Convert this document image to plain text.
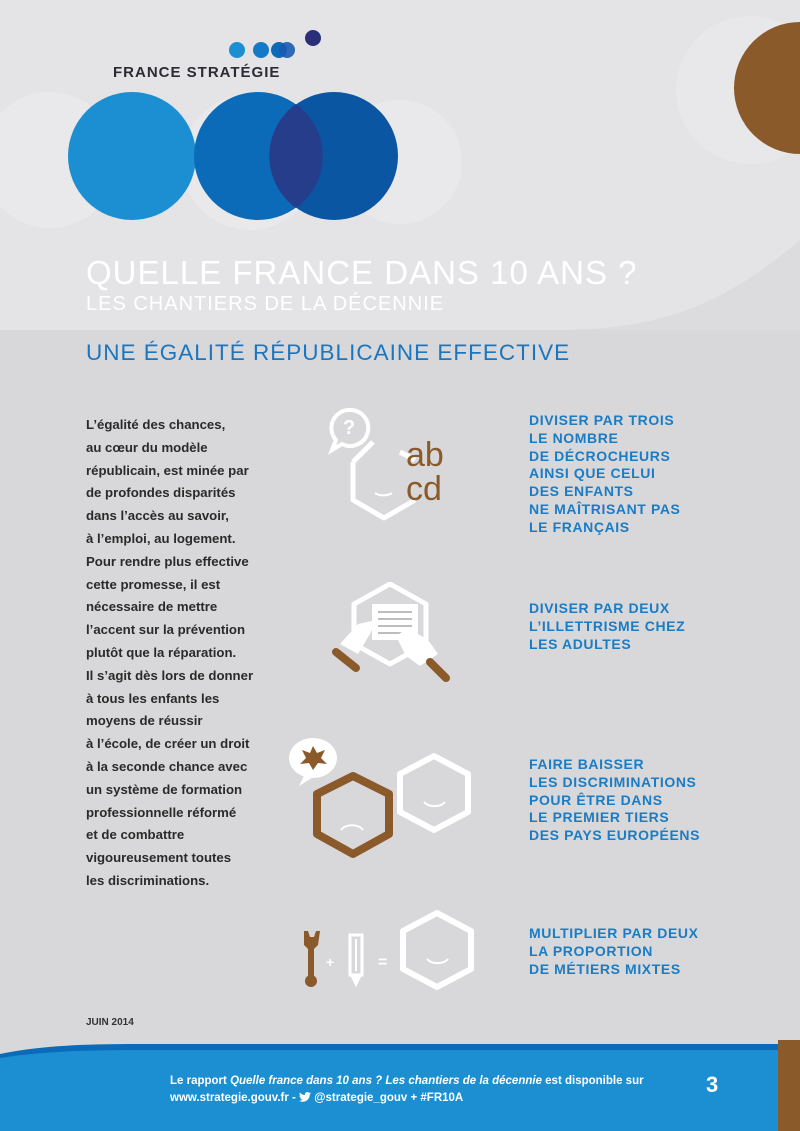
FRANCE STRATÉGIE
QUELLE FRANCE DANS 10 ANS ?
LES CHANTIERS DE LA DÉCENNIE
UNE ÉGALITÉ RÉPUBLICAINE EFFECTIVE
L’égalité des chances,
au cœur du modèle
républicain, est minée par
de profondes disparités
dans l’accès au savoir,
à l’emploi, au logement.
Pour rendre plus effective
cette promesse, il est
nécessaire de mettre
l’accent sur la prévention
plutôt que la réparation.
Il s’agit dès lors de donner
à tous les enfants les
moyens de réussir
à l’école, de créer un droit
à la seconde chance avec
un système de formation
professionnelle réformé
et de combattre
vigoureusement toutes
les discriminations.
?
ab
cd
+	=
DIVISER PAR TROIS
LE NOMBRE
DE DÉCROCHEURS
AINSI QUE CELUI
DES ENFANTS
NE MAÎTRISANT PAS
LE FRANÇAIS
DIVISER PAR DEUX
L’ILLETTRISME CHEZ
LES ADULTES
FAIRE BAISSER
LES DISCRIMINATIONS
POUR ÊTRE DANS
LE PREMIER TIERS
DES PAYS EUROPÉENS
MULTIPLIER PAR DEUX
LA PROPORTION
DE MÉTIERS MIXTES
JUIN 2014
Le rapport Quelle france dans 10 ans ? Les chantiers de la décennie est disponible sur
www.strategie.gouv.fr -  @strategie_gouv + #FR10A
3
